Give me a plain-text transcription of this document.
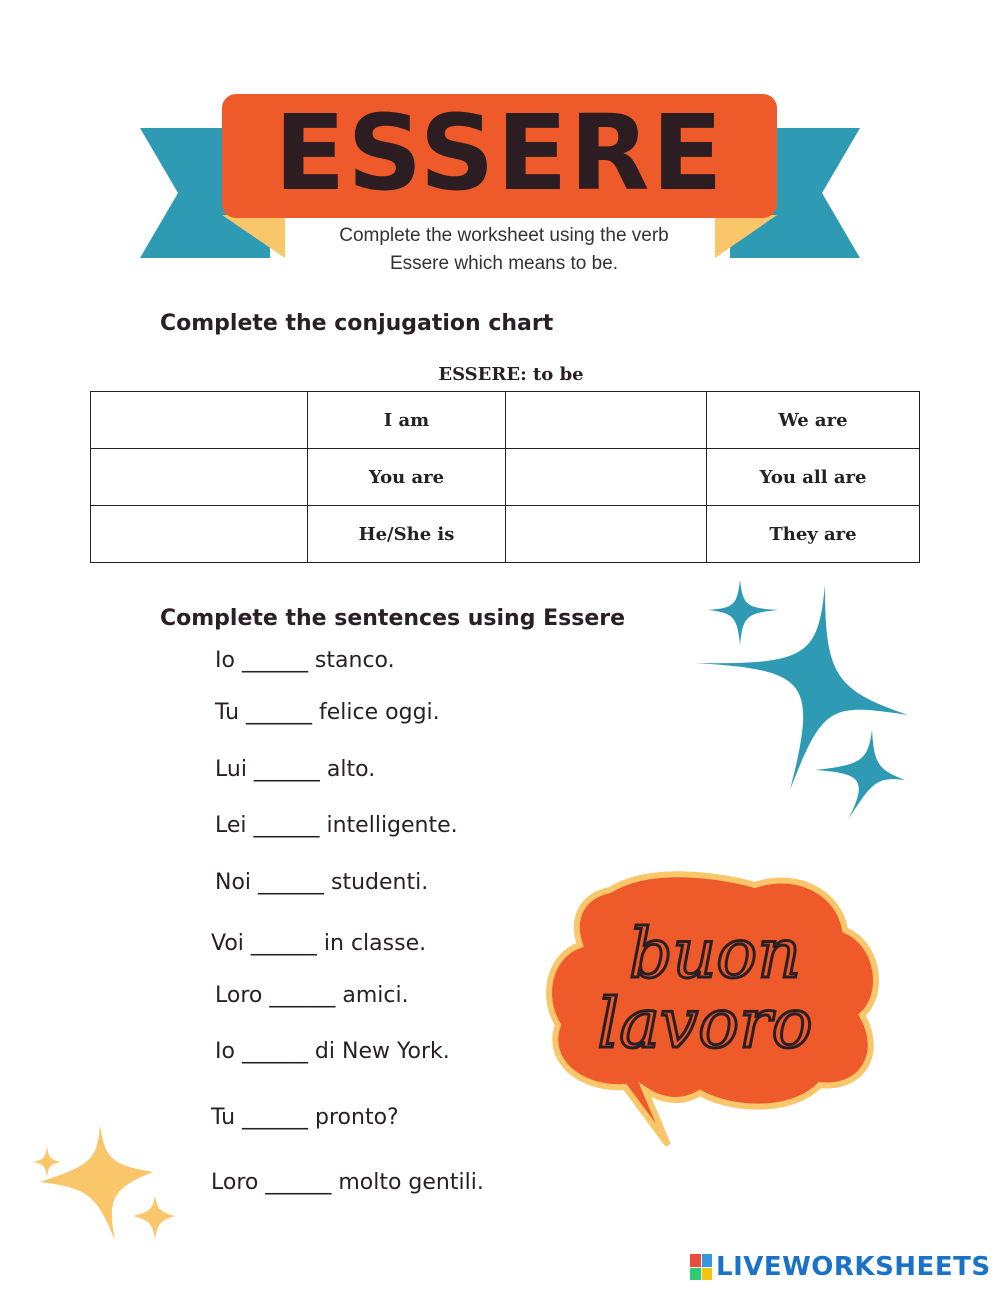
ESSERE
Complete the worksheet using the verb
Essere which means to be.
Complete the conjugation chart
ESSERE: to be
	I am		We are
	You are		You all are
	He/She is		They are
Complete the sentences using Essere
Io ______ stanco.
Tu ______ felice oggi.
Lui ______ alto.
Lei ______ intelligente.
Noi ______ studenti.
Voi ______ in classe.
Loro ______ amici.
Io ______ di New York.
Tu ______ pronto?
Loro ______ molto gentili.
buon
lavoro
LIVEWORKSHEETS
